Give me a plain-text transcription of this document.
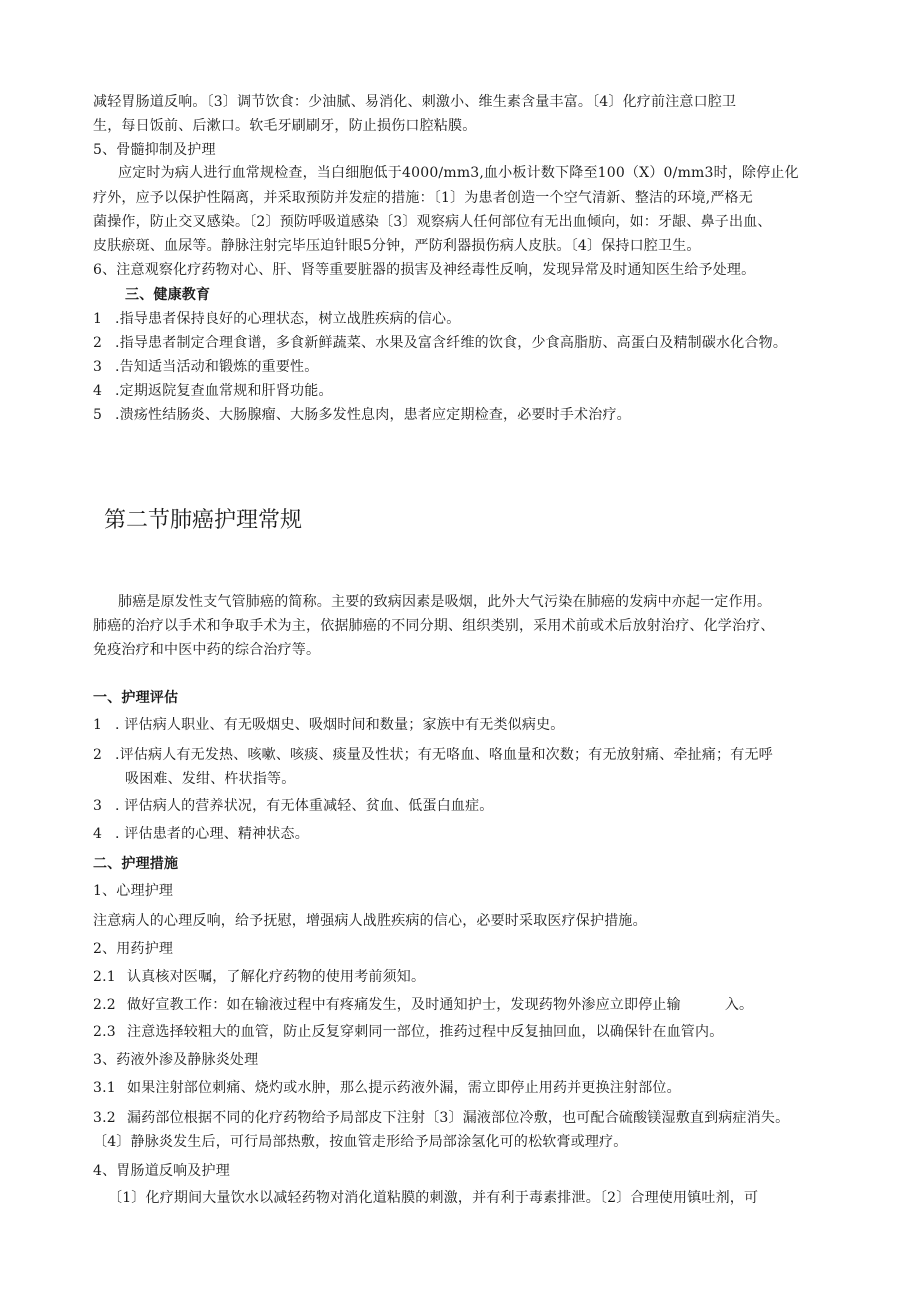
减轻胃肠道反响。〔3〕调节饮食：少油腻、易消化、刺激小、维生素含量丰富。〔4〕化疗前注意口腔卫
生，每日饭前、后漱口。软毛牙刷刷牙，防止损伤口腔粘膜。
5、骨髓抑制及护理
应定时为病人进行血常规检查，当白细胞低于4000∕mm3,血小板计数下降至100（X）0∕mm3时，除停止化
疗外，应予以保护性隔离，并采取预防并发症的措施：〔1〕为患者创造一个空气清新、整洁的环境,严格无
菌操作，防止交叉感染。〔2〕预防呼吸道感染〔3〕观察病人任何部位有无出血倾向，如：牙龈、鼻子出血、
皮肤瘀斑、血尿等。静脉注射完毕压迫针眼5分钟，严防利器损伤病人皮肤。〔4〕保持口腔卫生。
6、注意观察化疗药物对心、肝、肾等重要脏器的损害及神经毒性反响，发现异常及时通知医生给予处理。
三、健康教育
1 .指导患者保持良好的心理状态，树立战胜疾病的信心。
2 .指导患者制定合理食谱，多食新鲜蔬菜、水果及富含纤维的饮食，少食高脂肪、高蛋白及精制碳水化合物。
3 .告知适当活动和锻炼的重要性。
4 .定期返院复查血常规和肝肾功能。
5 .溃疡性结肠炎、大肠腺瘤、大肠多发性息肉，患者应定期检查，必要时手术治疗。
第二节肺癌护理常规
肺癌是原发性支气管肺癌的简称。主要的致病因素是吸烟，此外大气污染在肺癌的发病中亦起一定作用。
肺癌的治疗以手术和争取手术为主，依据肺癌的不同分期、组织类别，采用术前或术后放射治疗、化学治疗、
免疫治疗和中医中药的综合治疗等。
一、护理评估
1 . 评估病人职业、有无吸烟史、吸烟时间和数量；家族中有无类似病史。
2 .评估病人有无发热、咳嗽、咳痰、痰量及性状；有无咯血、咯血量和次数；有无放射痛、牵扯痛；有无呼
吸困难、发绀、杵状指等。
3 . 评估病人的营养状况，有无体重减轻、贫血、低蛋白血症。
4 . 评估患者的心理、精神状态。
二、护理措施
1、心理护理
注意病人的心理反响，给予抚慰，增强病人战胜疾病的信心，必要时采取医疗保护措施。
2、用药护理
2.1 认真核对医嘱，了解化疗药物的使用考前须知。
2.2 做好宣教工作：如在输液过程中有疼痛发生，及时通知护士，发现药物外渗应立即停止输	入。
2.3 注意选择较粗大的血管，防止反复穿刺同一部位，推药过程中反复抽回血，以确保针在血管内。
3、药液外渗及静脉炎处理
3.1 如果注射部位刺痛、烧灼或水肿，那么提示药液外漏，需立即停止用药并更换注射部位。
3.2 漏药部位根据不同的化疗药物给予局部皮下注射〔3〕漏液部位冷敷，也可配合硫酸镁湿敷直到病症消失。
〔4〕静脉炎发生后，可行局部热敷，按血管走形给予局部涂氢化可的松软膏或理疗。
4、胃肠道反响及护理
〔1〕化疗期间大量饮水以减轻药物对消化道粘膜的刺激，并有利于毒素排泄。〔2〕合理使用镇吐剂，可
